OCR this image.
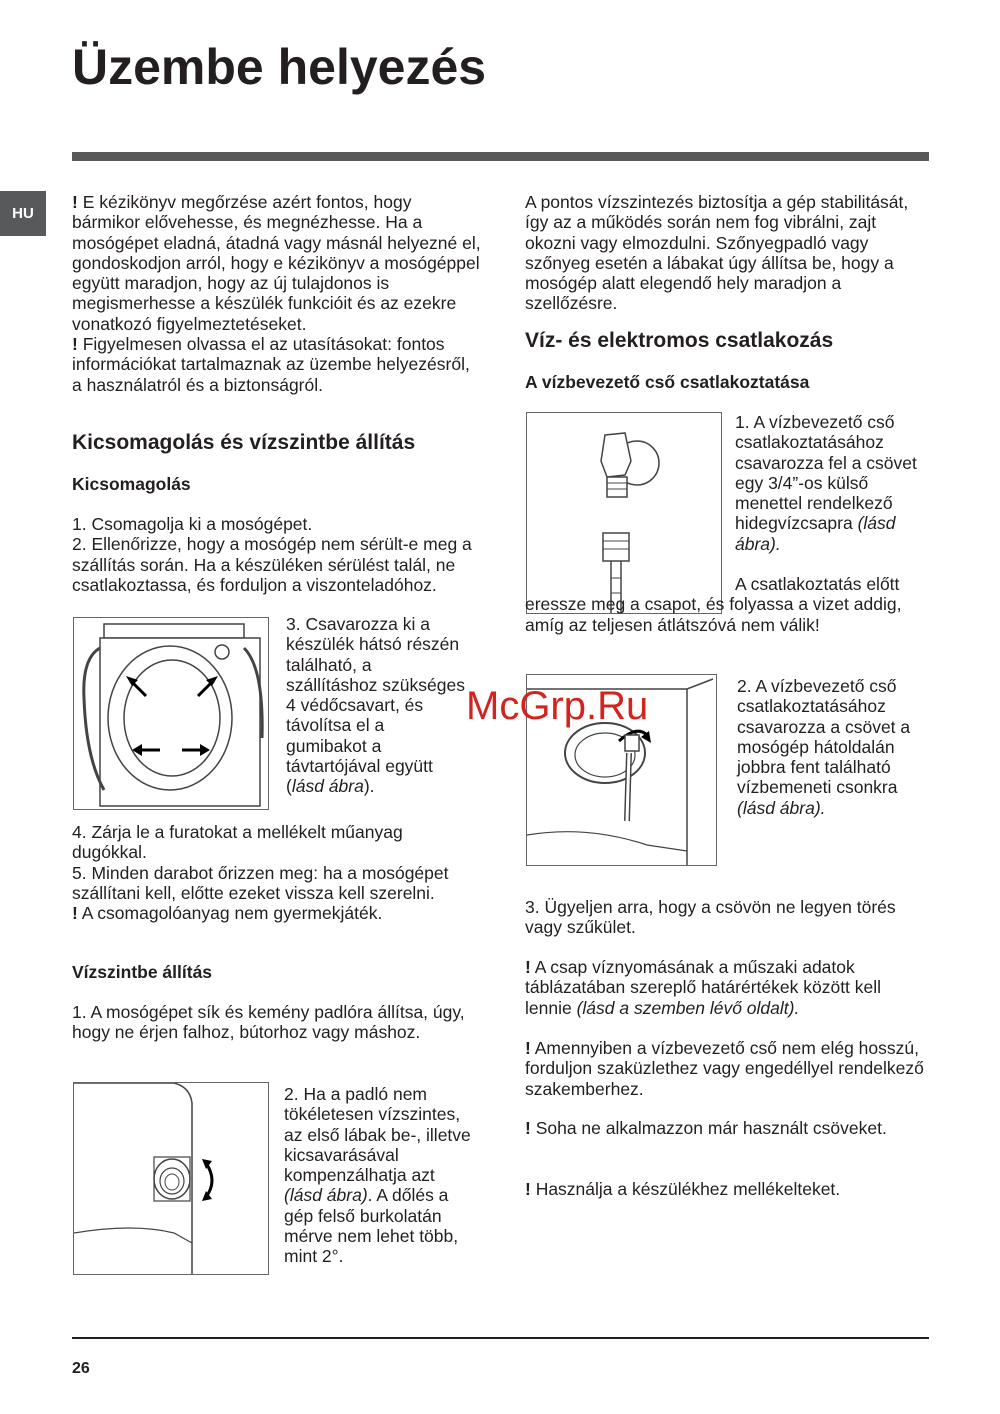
Üzembe helyezés
HU

! E kézikönyv megőrzése azért fontos, hogy bármikor elővehesse, és megnézhesse. Ha a mosógépet eladná, átadná vagy másnál helyezné el, gondoskodjon arról, hogy e kézikönyv a mosógéppel együtt maradjon, hogy az új tulajdonos is megismerhesse a készülék funkcióit és az ezekre vonatkozó figyelmeztetéseket.

! Figyelmesen olvassa el az utasításokat: fontos információkat tartalmaznak az üzembe helyezésről, a használatról és a biztonságról.

Kicsomagolás és vízszintbe állítás
Kicsomagolás

1. Csomagolja ki a mosógépet.

2. Ellenőrizze, hogy a mosógép nem sérült-e meg a szállítás során. Ha a készüléken sérülést talál, ne csatlakoztassa, és forduljon a viszonteladóhoz.

3. Csavarozza ki a készülék hátsó részén található, a szállításhoz szükséges 4 védőcsavart, és távolítsa el a gumibakot a távtartójával együtt (lásd ábra).

4. Zárja le a furatokat a mellékelt műanyag dugókkal.

5. Minden darabot őrizzen meg: ha a mosógépet szállítani kell, előtte ezeket vissza kell szerelni.

! A csomagolóanyag nem gyermekjáték.

Vízszintbe állítás

1. A mosógépet sík és kemény padlóra állítsa, úgy, hogy ne érjen falhoz, bútorhoz vagy máshoz.

2. Ha a padló nem tökéletesen vízszintes, az első lábak be-, illetve kicsavarásával kompenzálhatja azt (lásd ábra). A dőlés a gép felső burkolatán mérve nem lehet több, mint 2°.

A pontos vízszintezés biztosítja a gép stabilitását, így az a működés során nem fog vibrálni, zajt okozni vagy elmozdulni. Szőnyegpadló vagy szőnyeg esetén a lábakat úgy állítsa be, hogy a mosógép alatt elegendő hely maradjon a szellőzésre.

Víz- és elektromos csatlakozás
A vízbevezető cső csatlakoztatása

1. A vízbevezető cső csatlakoztatásához csavarozza fel a csövet egy 3/4”-os külső menettel rendelkező hidegvízcsapra (lásd ábra).

A csatlakoztatás előtt eressze meg a csapot, és folyassa a vizet addig, amíg az teljesen átlátszóvá nem válik!

McGrp.Ru	2. A vízbevezető cső csatlakoztatásához csavarozza a csövet a mosógép hátoldalán jobbra fent található vízbemeneti csonkra (lásd ábra).

3. Ügyeljen arra, hogy a csövön ne legyen törés vagy szűkület.

! A csap víznyomásának a műszaki adatok táblázatában szereplő határértékek között kell lennie (lásd a szemben lévő oldalt).

! Amennyiben a vízbevezető cső nem elég hosszú, forduljon szaküzlethez vagy engedéllyel rendelkező szakemberhez.

! Soha ne alkalmazzon már használt csöveket.

! Használja a készülékhez mellékelteket.

26
